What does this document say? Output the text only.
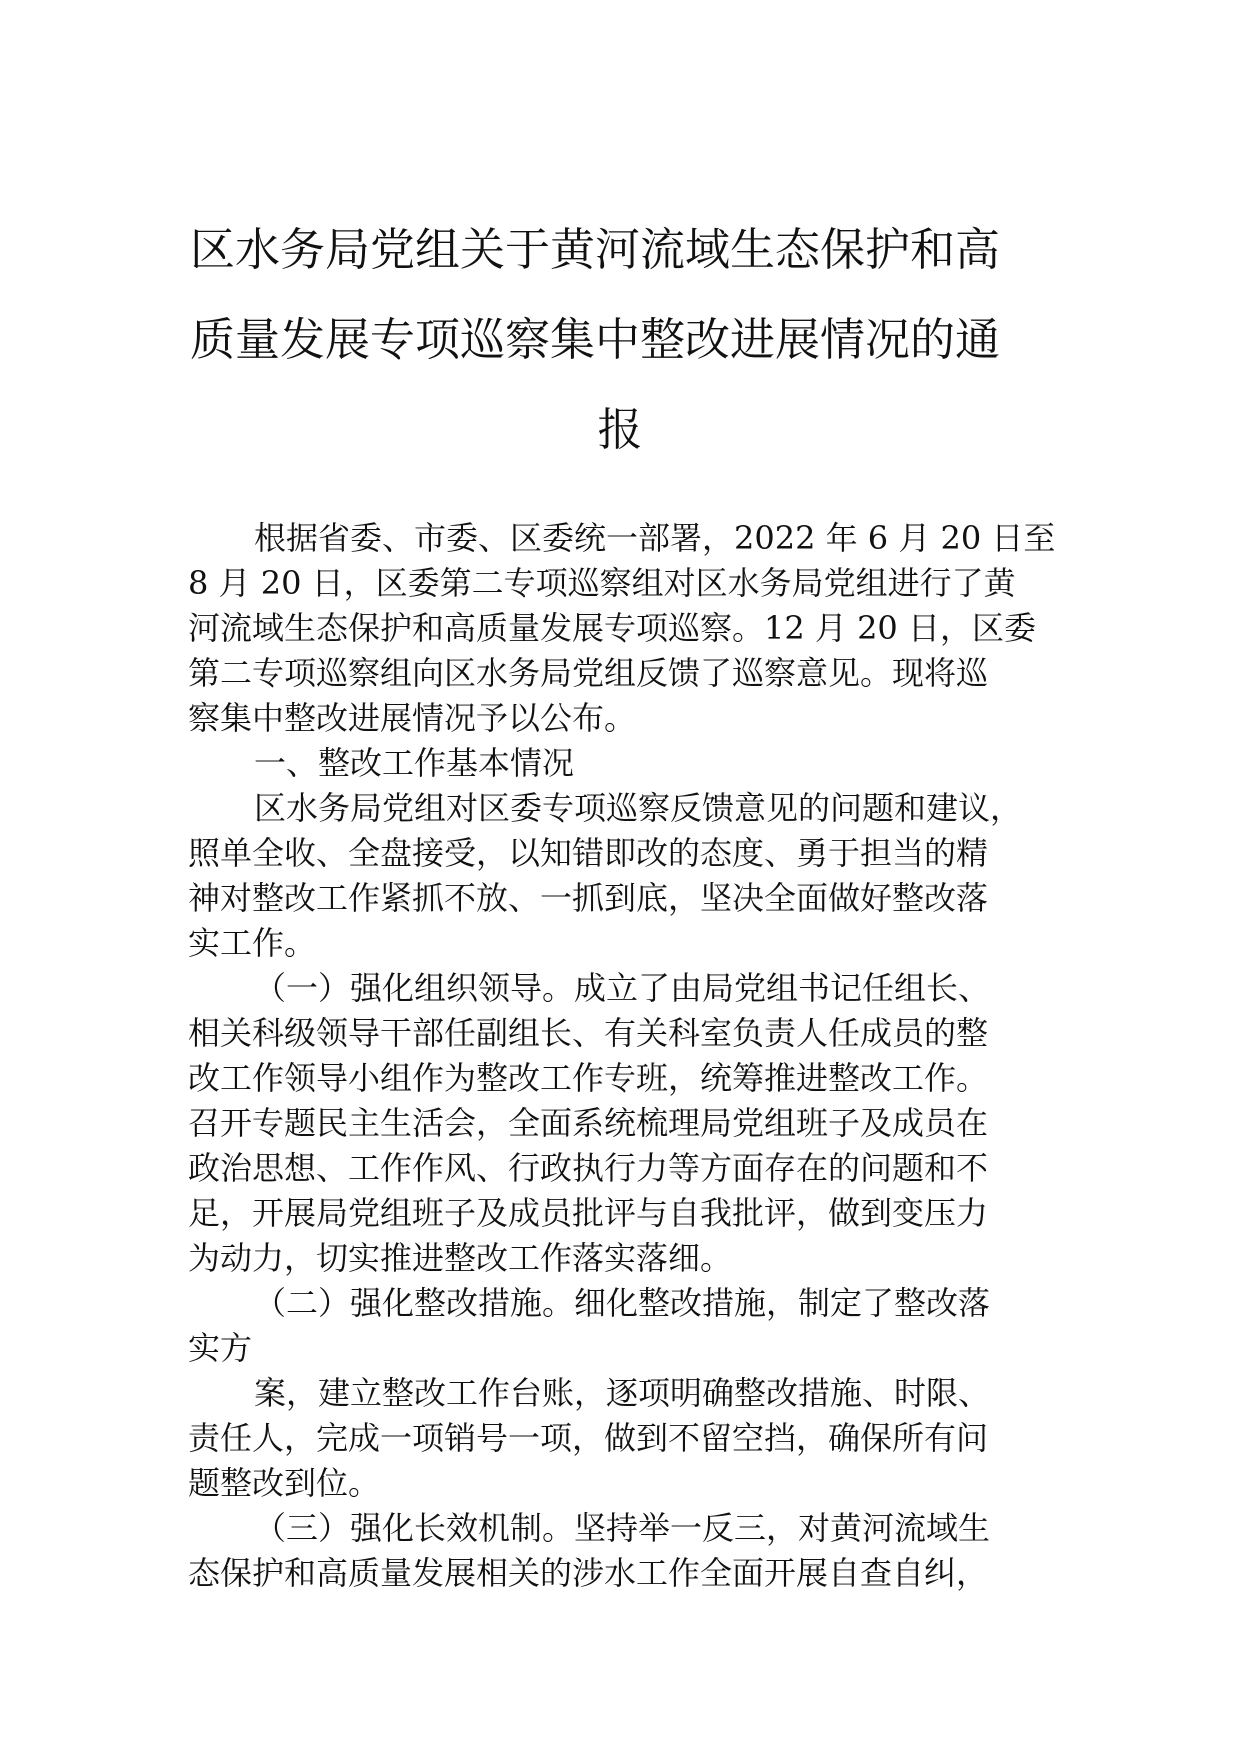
区水务局党组关于黄河流域生态保护和高
质量发展专项巡察集中整改进展情况的通
报
根据省委、市委、区委统一部署，2022 年 6 月 20 日至
8 月 20 日，区委第二专项巡察组对区水务局党组进行了黄
河流域生态保护和高质量发展专项巡察。12 月 20 日，区委
第二专项巡察组向区水务局党组反馈了巡察意见。现将巡
察集中整改进展情况予以公布。
一、整改工作基本情况
区水务局党组对区委专项巡察反馈意见的问题和建议，
照单全收、全盘接受，以知错即改的态度、勇于担当的精
神对整改工作紧抓不放、一抓到底，坚决全面做好整改落
实工作。
（一）强化组织领导。成立了由局党组书记任组长、
相关科级领导干部任副组长、有关科室负责人任成员的整
改工作领导小组作为整改工作专班，统筹推进整改工作。
召开专题民主生活会，全面系统梳理局党组班子及成员在
政治思想、工作作风、行政执行力等方面存在的问题和不
足，开展局党组班子及成员批评与自我批评，做到变压力
为动力，切实推进整改工作落实落细。
（二）强化整改措施。细化整改措施，制定了整改落
实方
案，建立整改工作台账，逐项明确整改措施、时限、
责任人，完成一项销号一项，做到不留空挡，确保所有问
题整改到位。
（三）强化长效机制。坚持举一反三，对黄河流域生
态保护和高质量发展相关的涉水工作全面开展自查自纠，
